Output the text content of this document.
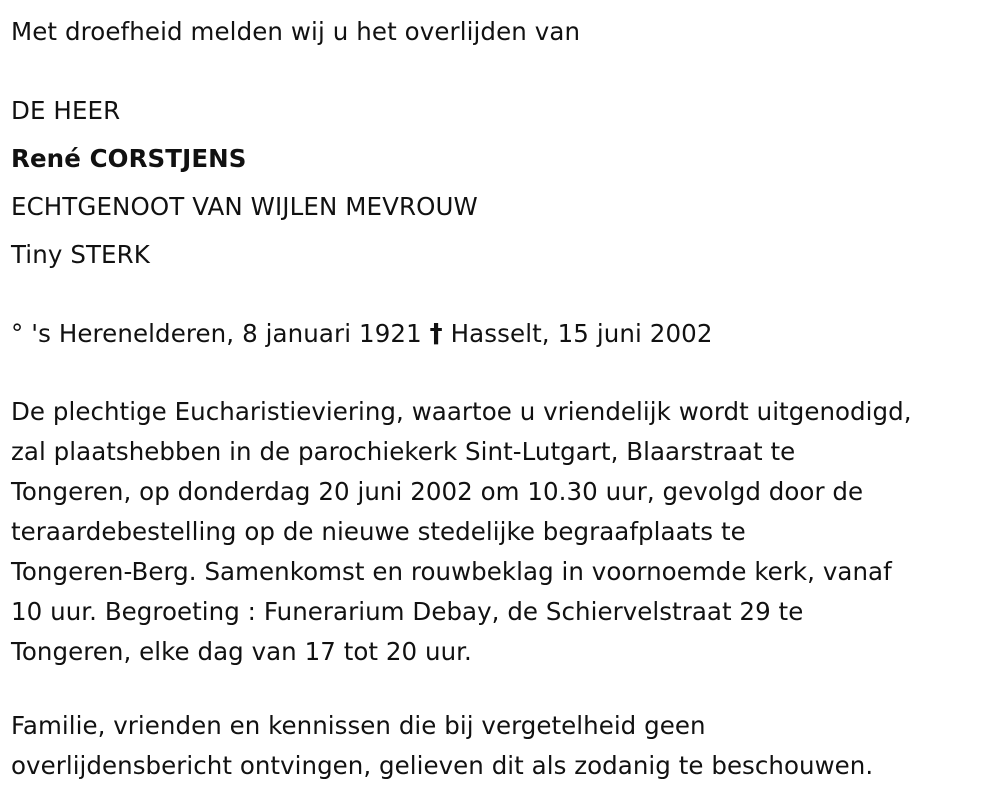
Met droefheid melden wij u het overlijden van
DE HEER
René CORSTJENS
ECHTGENOOT VAN WIJLEN MEVROUW
Tiny STERK
° 's Herenelderen, 8 januari 1921 † Hasselt, 15 juni 2002
De plechtige Eucharistieviering, waartoe u vriendelijk wordt uitgenodigd,
zal plaatshebben in de parochiekerk Sint-Lutgart, Blaarstraat te
Tongeren, op donderdag 20 juni 2002 om 10.30 uur, gevolgd door de
teraardebestelling op de nieuwe stedelijke begraafplaats te
Tongeren-Berg. Samenkomst en rouwbeklag in voornoemde kerk, vanaf
10 uur. Begroeting : Funerarium Debay, de Schiervelstraat 29 te
Tongeren, elke dag van 17 tot 20 uur.
Familie, vrienden en kennissen die bij vergetelheid geen
overlijdensbericht ontvingen, gelieven dit als zodanig te beschouwen.
